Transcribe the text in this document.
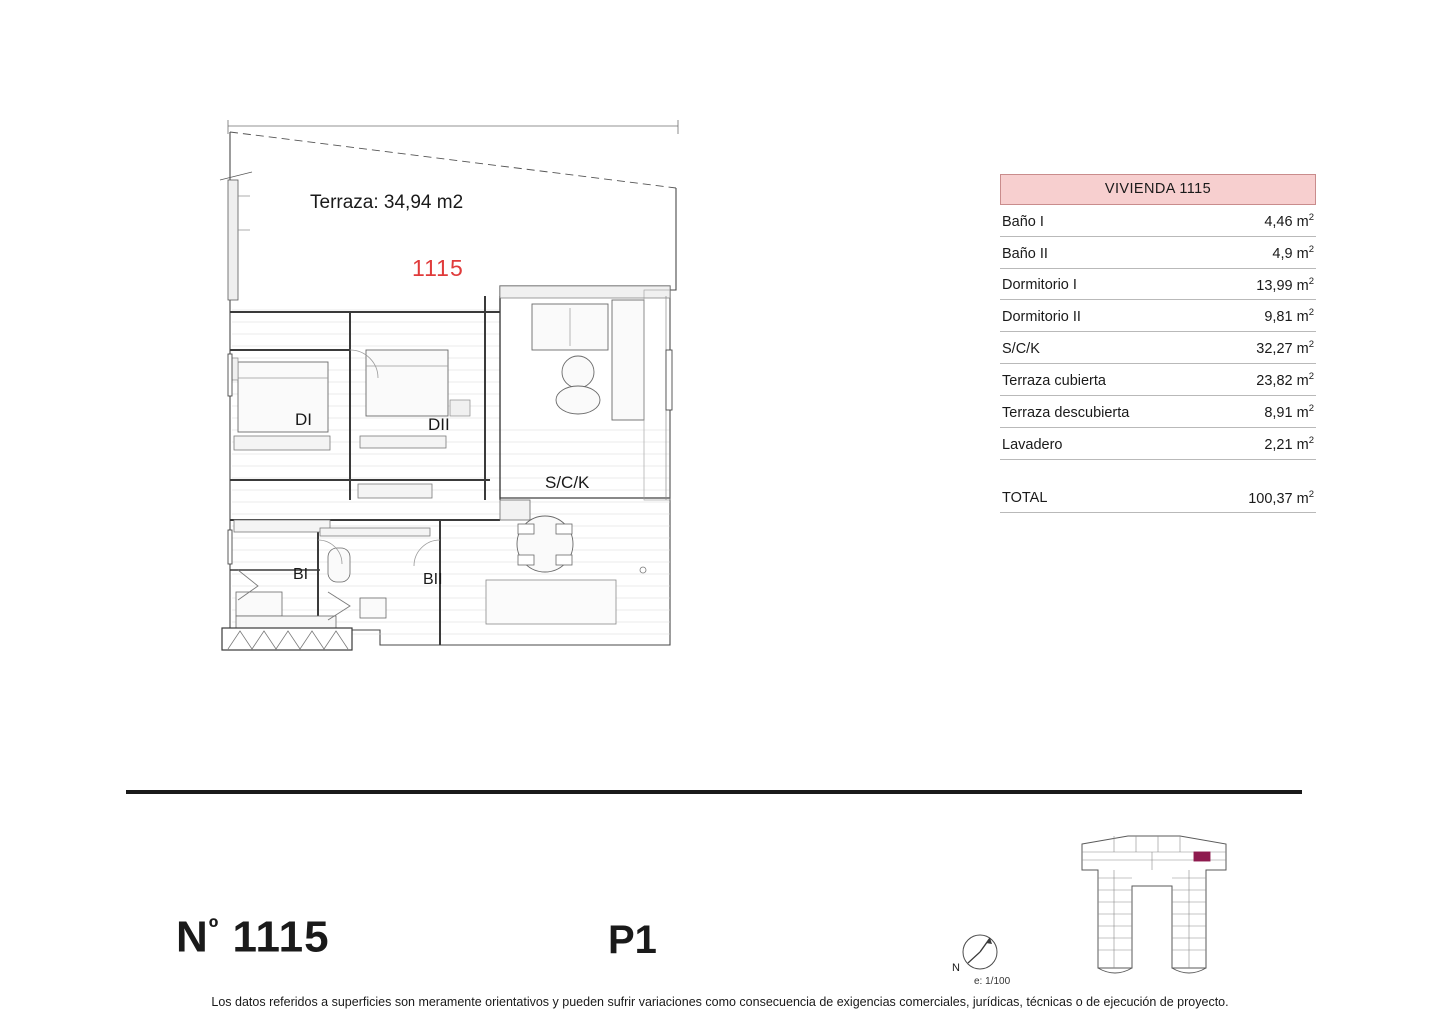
Terraza: 34,94 m2
1115
DI	DII
S/C/K
BI	BII
VIVIENDA 1115
Baño I	4,46 $m^2$
Baño II	4,9 $m^2$
Dormitorio I	13,99 $m^2$
Dormitorio II	9,81 $m^2$
S/C/K	32,27 $m^2$
Terraza cubierta	23,82 $m^2$
Terraza descubierta	8,91 $m^2$
Lavadero	2,21 $m^2$
TOTAL	100,37 $m^2$
$N^º$ 1115	P1
Los datos referidos a superficies son meramente orientativos y pueden sufrir variaciones como consecuencia de exigencias comerciales, jurídicas, técnicas o de ejecución de proyecto.
N
e: 1/100
